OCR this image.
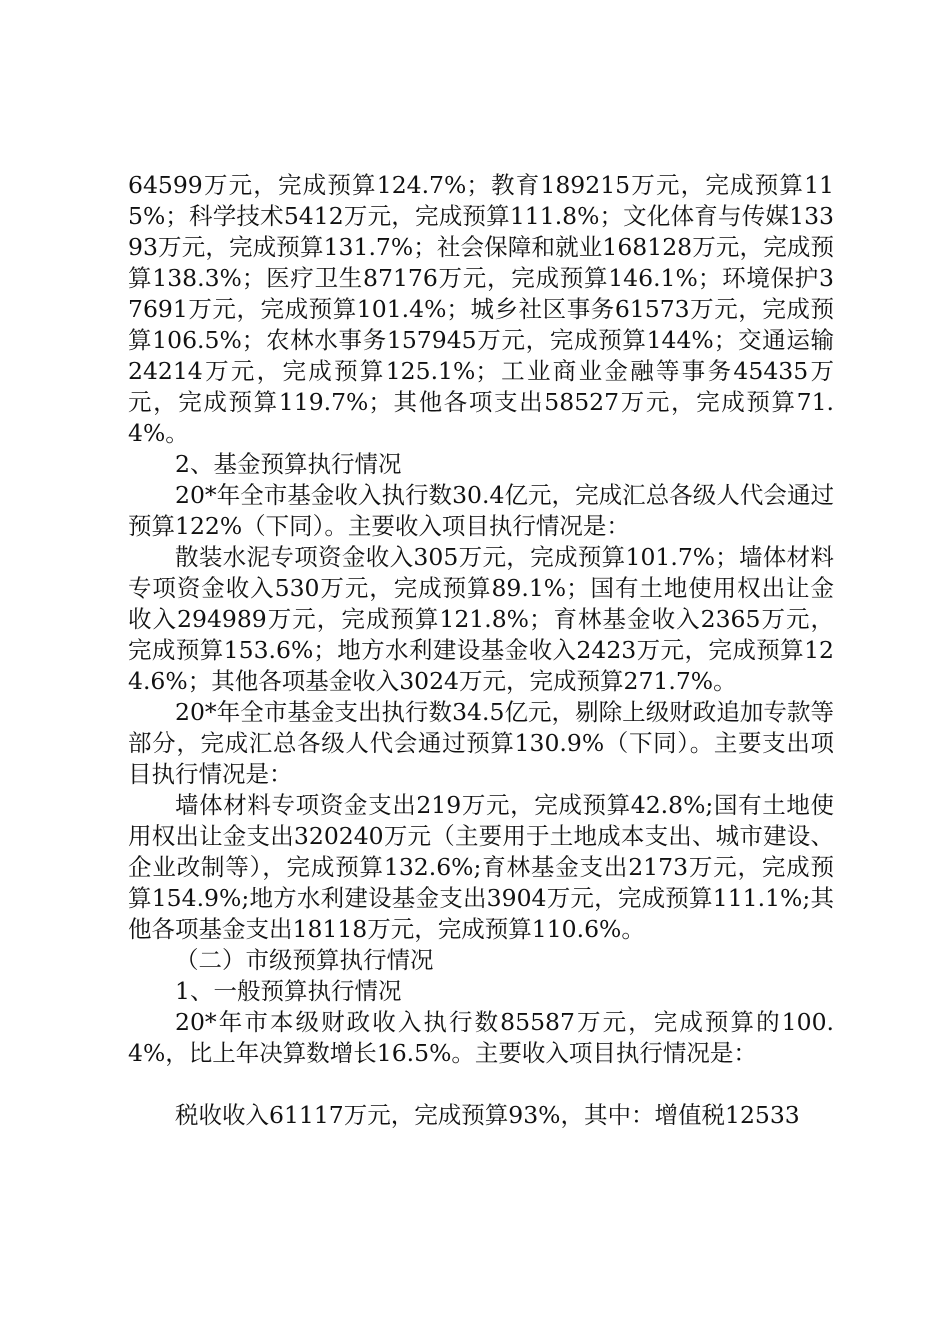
64599万元，完成预算124.7%；教育189215万元，完成预算115%；科学技术5412万元，完成预算111.8%；文化体育与传媒13393万元，完成预算131.7%；社会保障和就业168128万元，完成预算138.3%；医疗卫生87176万元，完成预算146.1%；环境保护37691万元，完成预算101.4%；城乡社区事务61573万元，完成预算106.5%；农林水事务157945万元，完成预算144%；交通运输24214万元，完成预算125.1%；工业商业金融等事务45435万元，完成预算119.7%；其他各项支出58527万元，完成预算71.4%。

2、基金预算执行情况

20*年全市基金收入执行数30.4亿元，完成汇总各级人代会通过预算122%（下同）。主要收入项目执行情况是：

散装水泥专项资金收入305万元，完成预算101.7%；墙体材料专项资金收入530万元，完成预算89.1%；国有土地使用权出让金收入294989万元，完成预算121.8%；育林基金收入2365万元，完成预算153.6%；地方水利建设基金收入2423万元，完成预算124.6%；其他各项基金收入3024万元，完成预算271.7%。

20*年全市基金支出执行数34.5亿元，剔除上级财政追加专款等部分，完成汇总各级人代会通过预算130.9%（下同）。主要支出项目执行情况是：

墙体材料专项资金支出219万元，完成预算42.8%;国有土地使用权出让金支出320240万元（主要用于土地成本支出、城市建设、企业改制等），完成预算132.6%;育林基金支出2173万元，完成预算154.9%;地方水利建设基金支出3904万元，完成预算111.1%;其他各项基金支出18118万元，完成预算110.6%。

（二）市级预算执行情况

1、一般预算执行情况

20*年市本级财政收入执行数85587万元，完成预算的100.4%，比上年决算数增长16.5%。主要收入项目执行情况是：

税收收入61117万元，完成预算93%，其中：增值税12533
